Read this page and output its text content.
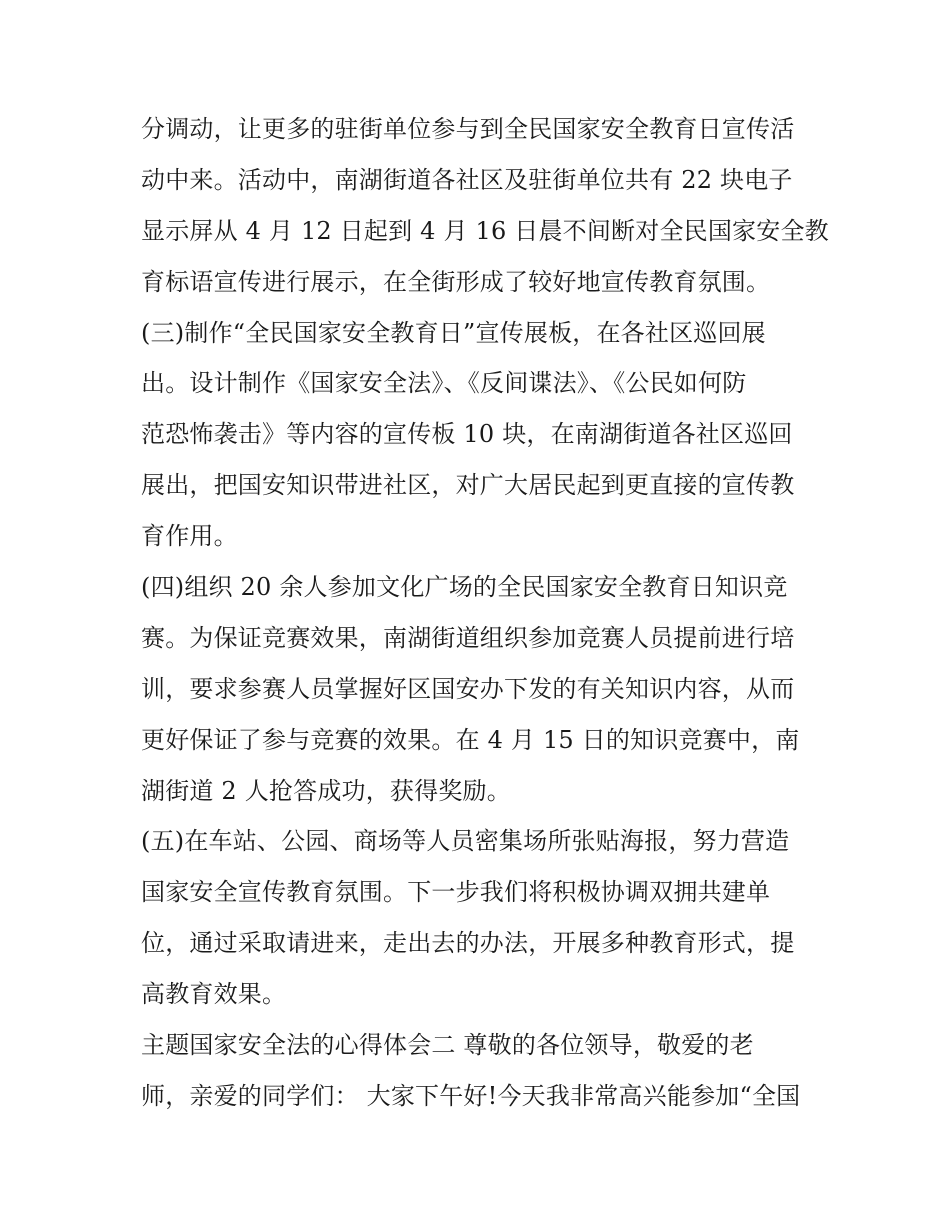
分调动，让更多的驻街单位参与到全民国家安全教育日宣传活
动中来。活动中，南湖街道各社区及驻街单位共有 22 块电子
显示屏从 4 月 12 日起到 4 月 16 日晨不间断对全民国家安全教
育标语宣传进行展示，在全街形成了较好地宣传教育氛围。
(三)制作“全民国家安全教育日”宣传展板，在各社区巡回展
出。设计制作《国家安全法》、《反间谍法》、《公民如何防
范恐怖袭击》等内容的宣传板 10 块，在南湖街道各社区巡回
展出，把国安知识带进社区，对广大居民起到更直接的宣传教
育作用。
(四)组织 20 余人参加文化广场的全民国家安全教育日知识竞
赛。为保证竞赛效果，南湖街道组织参加竞赛人员提前进行培
训，要求参赛人员掌握好区国安办下发的有关知识内容，从而
更好保证了参与竞赛的效果。在 4 月 15 日的知识竞赛中，南
湖街道 2 人抢答成功，获得奖励。
(五)在车站、公园、商场等人员密集场所张贴海报，努力营造
国家安全宣传教育氛围。下一步我们将积极协调双拥共建单
位，通过采取请进来，走出去的办法，开展多种教育形式，提
高教育效果。
主题国家安全法的心得体会二 尊敬的各位领导，敬爱的老
师，亲爱的同学们： 大家下午好!今天我非常高兴能参加“全国
